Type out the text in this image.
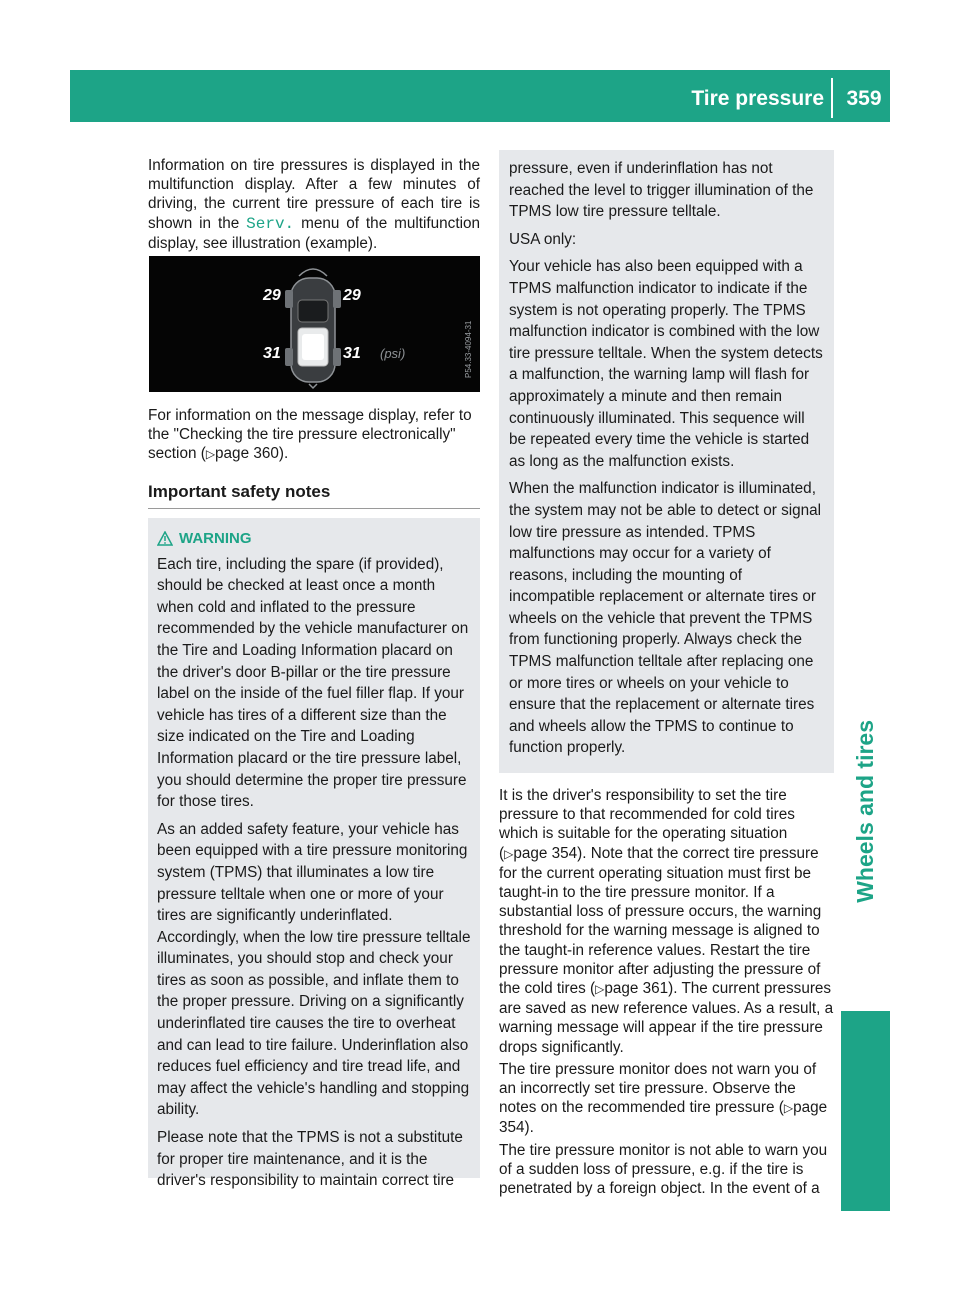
Tire pressure	359
Wheels and tires

Information on tire pressures is displayed in the multifunction display. After a few minutes of driving, the current tire pressure of each tire is shown in the Serv. menu of the multifunction display, see illustration (example).

29	29
31	31 (psi)	P54.33-4094-31

For information on the message display, refer to the "Checking the tire pressure electronically" section (▷page 360).

Important safety notes
WARNING

Each tire, including the spare (if provided), should be checked at least once a month when cold and inflated to the pressure recommended by the vehicle manufacturer on the Tire and Loading Information placard on the driver's door B-pillar or the tire pressure label on the inside of the fuel filler flap. If your vehicle has tires of a different size than the size indicated on the Tire and Loading Information placard or the tire pressure label, you should determine the proper tire pressure for those tires.

As an added safety feature, your vehicle has been equipped with a tire pressure monitoring system (TPMS) that illuminates a low tire pressure telltale when one or more of your tires are significantly underinflated. Accordingly, when the low tire pressure telltale illuminates, you should stop and check your tires as soon as possible, and inflate them to the proper pressure. Driving on a significantly underinflated tire causes the tire to overheat and can lead to tire failure. Underinflation also reduces fuel efficiency and tire tread life, and may affect the vehicle's handling and stopping ability.

Please note that the TPMS is not a substitute for proper tire maintenance, and it is the driver's responsibility to maintain correct tire

pressure, even if underinflation has not reached the level to trigger illumination of the TPMS low tire pressure telltale.

USA only:

Your vehicle has also been equipped with a TPMS malfunction indicator to indicate if the system is not operating properly. The TPMS malfunction indicator is combined with the low tire pressure telltale. When the system detects a malfunction, the warning lamp will flash for approximately a minute and then remain continuously illuminated. This sequence will be repeated every time the vehicle is started as long as the malfunction exists.

When the malfunction indicator is illuminated, the system may not be able to detect or signal low tire pressure as intended. TPMS malfunctions may occur for a variety of reasons, including the mounting of incompatible replacement or alternate tires or wheels on the vehicle that prevent the TPMS from functioning properly. Always check the TPMS malfunction telltale after replacing one or more tires or wheels on your vehicle to ensure that the replacement or alternate tires and wheels allow the TPMS to continue to function properly.

It is the driver's responsibility to set the tire pressure to that recommended for cold tires which is suitable for the operating situation (▷page 354). Note that the correct tire pressure for the current operating situation must first be taught-in to the tire pressure monitor. If a substantial loss of pressure occurs, the warning threshold for the warning message is aligned to the taught-in reference values. Restart the tire pressure monitor after adjusting the pressure of the cold tires (▷page 361). The current pressures are saved as new reference values. As a result, a warning message will appear if the tire pressure drops significantly.

The tire pressure monitor does not warn you of an incorrectly set tire pressure. Observe the notes on the recommended tire pressure (▷page 354).

The tire pressure monitor is not able to warn you of a sudden loss of pressure, e.g. if the tire is penetrated by a foreign object. In the event of a
